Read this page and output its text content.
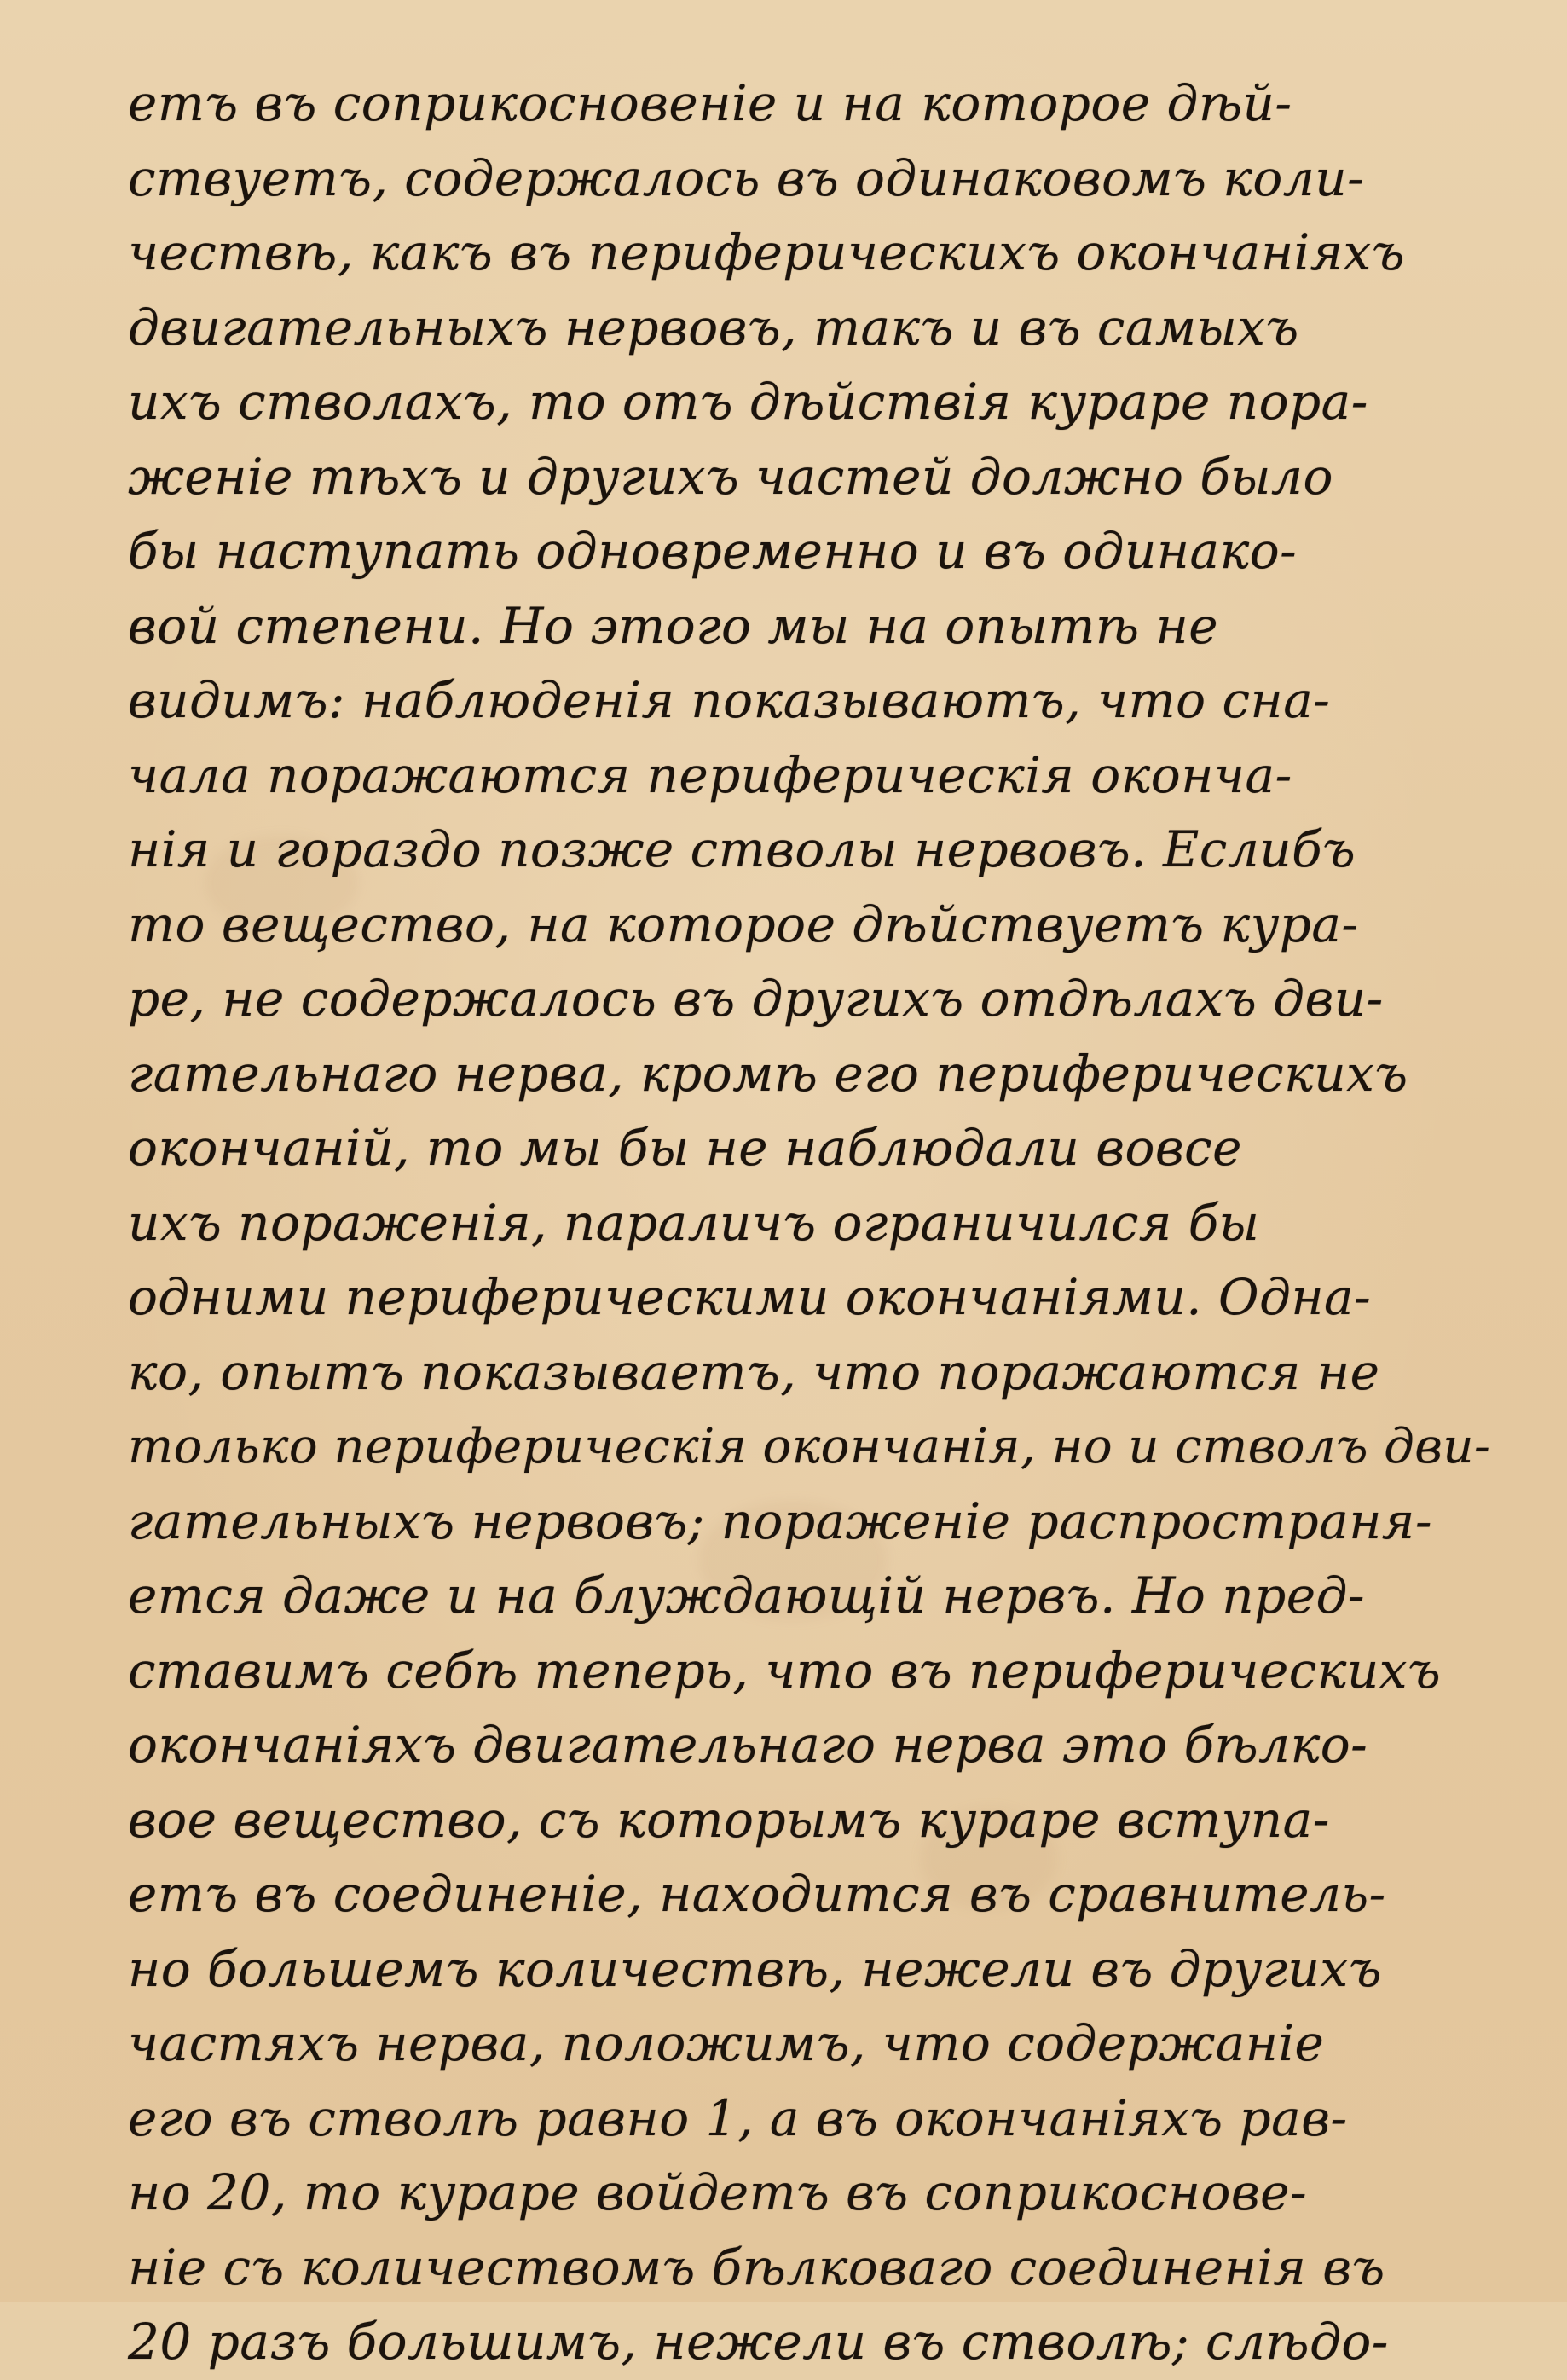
етъ въ соприкосновеніе и на которое дѣй-
ствуетъ, содержалось въ одинаковомъ коли-
чествѣ, какъ въ периферическихъ окончаніяхъ
двигательныхъ нервовъ, такъ и въ самыхъ
ихъ стволахъ, то отъ дѣйствія кураре пора-
женіе тѣхъ и другихъ частей должно было
бы наступать одновременно и въ одинако-
вой степени. Но этого мы на опытѣ не
видимъ: наблюденія показываютъ, что сна-
чала поражаются периферическія оконча-
нія и гораздо позже стволы нервовъ. Еслибъ
то вещество, на которое дѣйствуетъ кура-
ре, не содержалось въ другихъ отдѣлахъ дви-
гательнаго нерва, кромѣ его периферическихъ
окончаній, то мы бы не наблюдали вовсе
ихъ пораженія, параличъ ограничился бы
одними периферическими окончаніями. Одна-
ко, опытъ показываетъ, что поражаются не
только периферическія окончанія, но и стволъ дви-
гательныхъ нервовъ; пораженіе распространя-
ется даже и на блуждающій нервъ. Но пред-
ставимъ себѣ теперь, что въ периферическихъ
окончаніяхъ двигательнаго нерва это бѣлко-
вое вещество, съ которымъ кураре вступа-
етъ въ соединеніе, находится въ сравнитель-
но большемъ количествѣ, нежели въ другихъ
частяхъ нерва, положимъ, что содержаніе
его въ стволѣ равно 1, а въ окончаніяхъ рав-
но 20, то кураре войдетъ въ соприкоснове-
ніе съ количествомъ бѣлковаго соединенія въ
20 разъ большимъ, нежели въ стволѣ; слѣдо-
